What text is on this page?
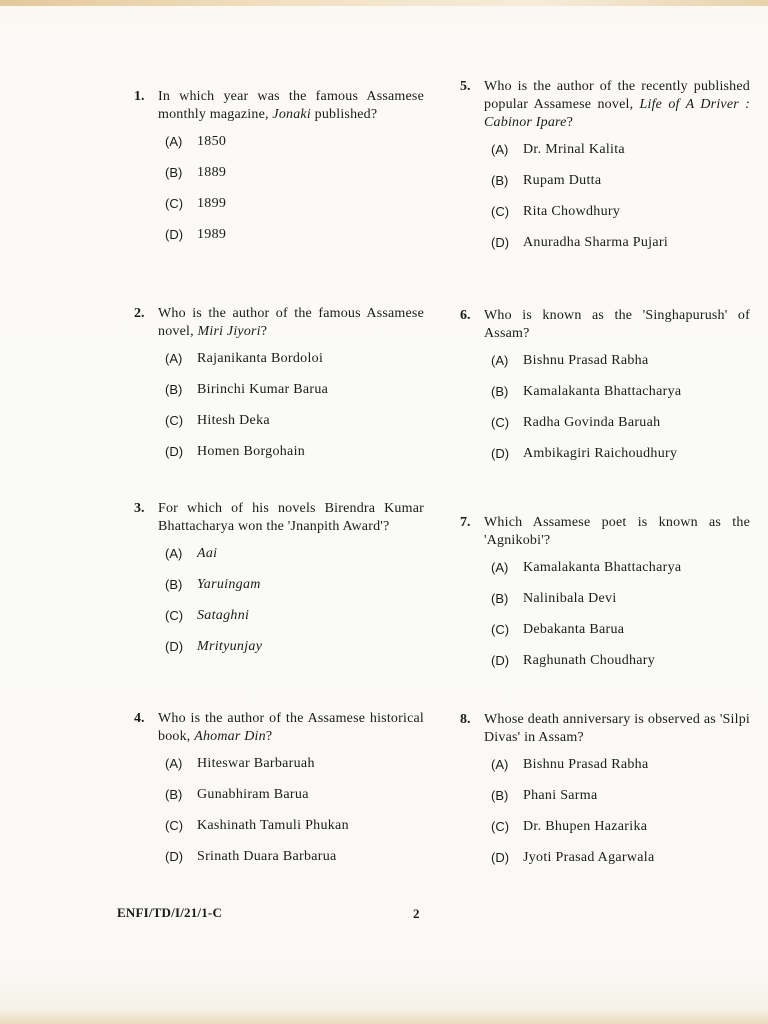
1. In which year was the famous Assamese monthly magazine, Jonaki published?
(A)	1850
(B)	1889
(C) 1899
(D) 1989
2. Who is the author of the famous Assamese novel, Miri Jiyori?
(A)	Rajanikanta Bordoloi
(B)	Birinchi Kumar Barua
(C) Hitesh Deka
(D) Homen Borgohain
3. For which of his novels Birendra Kumar Bhattacharya won the 'Jnanpith Award'?
(A)	Aai
(B)	Yaruingam
(C) Sataghni
(D) Mrityunjay
4. Who is the author of the Assamese historical book, Ahomar Din?
(A)	Hiteswar Barbaruah
(B)	Gunabhiram Barua
(C) Kashinath Tamuli Phukan
(D) Srinath Duara Barbarua
5. Who is the author of the recently published popular Assamese novel, Life of A Driver : Cabinor Ipare?
(A)	Dr. Mrinal Kalita
(B)	Rupam Dutta
(C) Rita Chowdhury
(D) Anuradha Sharma Pujari
6. Who is known as the 'Singhapurush' of Assam?
(A)	Bishnu Prasad Rabha
(B)	Kamalakanta Bhattacharya
(C) Radha Govinda Baruah
(D) Ambikagiri Raichoudhury
7. Which Assamese poet is known as the 'Agnikobi'?
(A)	Kamalakanta Bhattacharya
(B)	Nalinibala Devi
(C) Debakanta Barua
(D) Raghunath Choudhary
8. Whose death anniversary is observed as 'Silpi Divas' in Assam?
(A)	Bishnu Prasad Rabha
(B)	Phani Sarma
(C) Dr. Bhupen Hazarika
(D) Jyoti Prasad Agarwala
ENFI/TD/I/21/1-C	2
